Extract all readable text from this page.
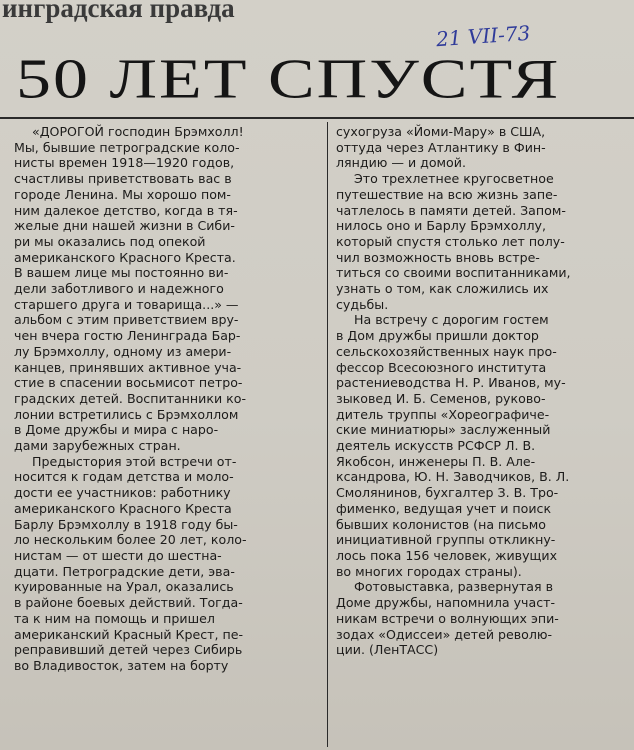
инградская правда
21 VII-73
50 ЛЕТ СПУСТЯ
«ДОРОГОЙ господин Брэмхолл!
Мы, бывшие петроградские коло-
нисты времен 1918—1920 годов,
счастливы приветствовать вас в
городе Ленина. Мы хорошо пом-
ним далекое детство, когда в тя-
желые дни нашей жизни в Сиби-
ри мы оказались под опекой
американского Красного Креста.
В вашем лице мы постоянно ви-
дели заботливого и надежного
старшего друга и товарища...» —
альбом с этим приветствием вру-
чен вчера гостю Ленинграда Бар-
лу Брэмхоллу, одному из амери-
канцев, принявших активное уча-
стие в спасении восьмисот петро-
градских детей. Воспитанники ко-
лонии встретились с Брэмхоллом
в Доме дружбы и мира с наро-
дами зарубежных стран.
Предыстория этой встречи от-
носится к годам детства и моло-
дости ее участников: работнику
американского Красного Креста
Барлу Брэмхоллу в 1918 году бы-
ло нескольким более 20 лет, коло-
нистам — от шести до шестна-
дцати. Петроградские дети, эва-
куированные на Урал, оказались
в районе боевых действий. Тогда-
та к ним на помощь и пришел
американский Красный Крест, пе-
реправивший детей через Сибирь
во Владивосток, затем на борту
сухогруза «Йоми-Мару» в США,
оттуда через Атлантику в Фин-
ляндию — и домой.
Это трехлетнее кругосветное
путешествие на всю жизнь запе-
чатлелось в памяти детей. Запом-
нилось оно и Барлу Брэмхоллу,
который спустя столько лет полу-
чил возможность вновь встре-
титься со своими воспитанниками,
узнать о том, как сложились их
судьбы.
На встречу с дорогим гостем
в Дом дружбы пришли доктор
сельскохозяйственных наук про-
фессор Всесоюзного института
растениеводства Н. Р. Иванов, му-
зыковед И. Б. Семенов, руково-
дитель труппы «Хореографиче-
ские миниатюры» заслуженный
деятель искусств РСФСР Л. В.
Якобсон, инженеры П. В. Але-
ксандрова, Ю. Н. Заводчиков, В. Л.
Смолянинов, бухгалтер З. В. Тро-
фименко, ведущая учет и поиск
бывших колонистов (на письмо
инициативной группы откликну-
лось пока 156 человек, живущих
во многих городах страны).
Фотовыставка, развернутая в
Доме дружбы, напомнила участ-
никам встречи о волнующих эпи-
зодах «Одиссеи» детей револю-
ции. (ЛенТАСС)
